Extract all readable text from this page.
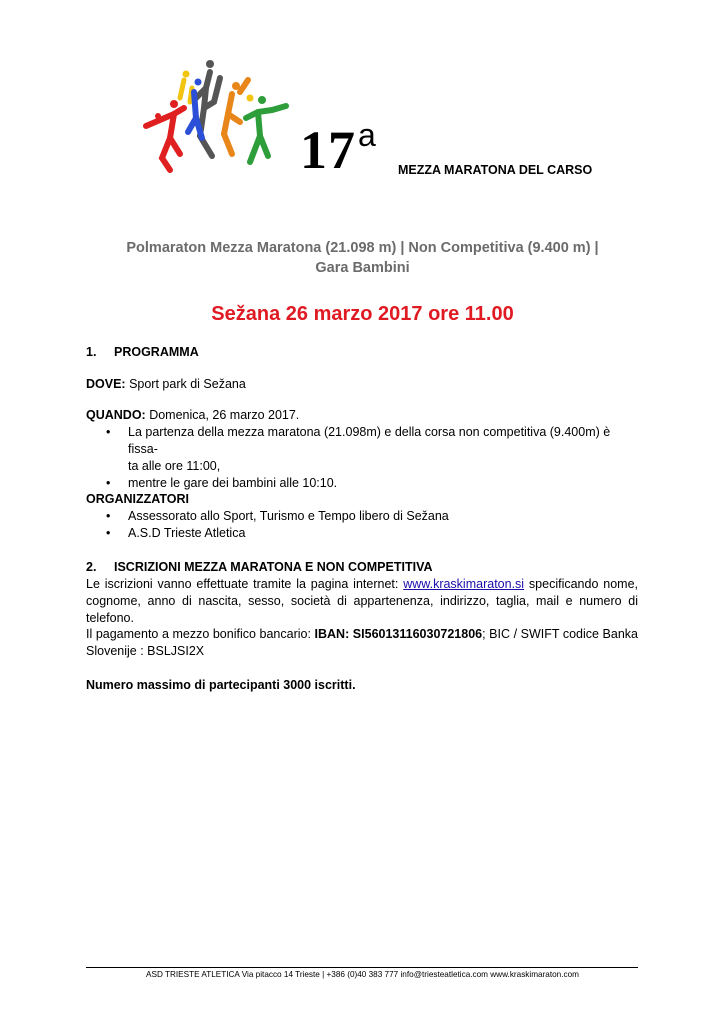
17$^a$
MEZZA MARATONA DEL CARSO
Polmaraton Mezza Maratona (21.098 m) | Non Competitiva (9.400 m) |
Gara Bambini
Sežana 26 marzo 2017 ore 11.00
1. PROGRAMMA
DOVE: Sport park di Sežana
QUANDO: Domenica, 26 marzo 2017.
• La partenza della mezza maratona (21.098m) e della corsa non competitiva (9.400m) è fissa-
ta alle ore 11:00,
• mentre le gare dei bambini alle 10:10.
ORGANIZZATORI
• Assessorato allo Sport, Turismo e Tempo libero di Sežana
• A.S.D Trieste Atletica
2. ISCRIZIONI MEZZA MARATONA E NON COMPETITIVA
Le iscrizioni vanno effettuate tramite la pagina internet: www.kraskimaraton.si specificando nome, cognome, anno di nascita, sesso, società di appartenenza, indirizzo, taglia, mail e numero di telefono.
Il pagamento a mezzo bonifico bancario: IBAN: SI56013116030721806; BIC / SWIFT codice Banka Slovenije : BSLJSI2X
Numero massimo di partecipanti 3000 iscritti.
ASD TRIESTE ATLETICA Via pitacco 14 Trieste | +386 (0)40 383 777 info@triesteatletica.com www.kraskimaraton.com
